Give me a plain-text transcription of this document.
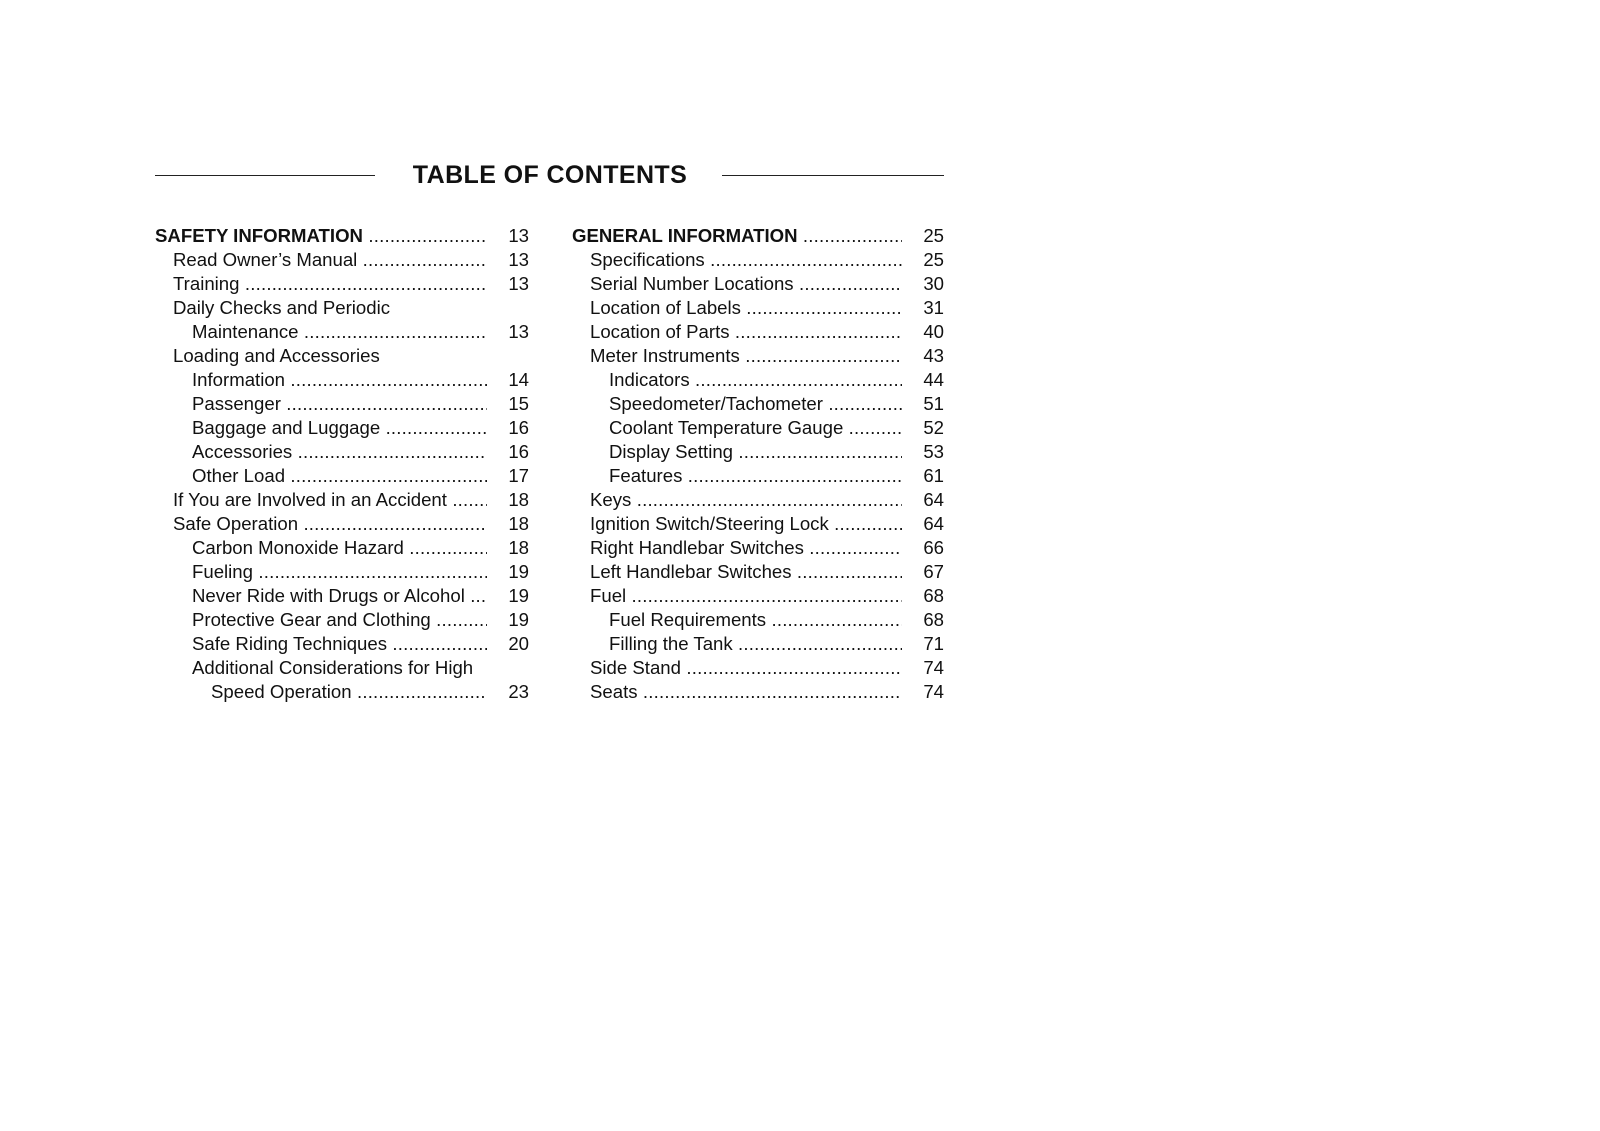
TABLE OF CONTENTS
SAFETY INFORMATION .....	13
Read Owner’s Manual .....	13
Training .....	13
Daily Checks and Periodic
Maintenance .....	13
Loading and Accessories
Information .....	14
Passenger .....	15
Baggage and Luggage .....	16
Accessories .....	16
Other Load .....	17
If You are Involved in an Accident .....	18
Safe Operation .....	18
Carbon Monoxide Hazard .....	18
Fueling .....	19
Never Ride with Drugs or Alcohol .....	19
Protective Gear and Clothing .....	19
Safe Riding Techniques .....	20
Additional Considerations for High
Speed Operation .....	23
GENERAL INFORMATION .....	25
Specifications .....	25
Serial Number Locations .....	30
Location of Labels .....	31
Location of Parts .....	40
Meter Instruments .....	43
Indicators .....	44
Speedometer/Tachometer .....	51
Coolant Temperature Gauge .....	52
Display Setting .....	53
Features .....	61
Keys .....	64
Ignition Switch/Steering Lock .....	64
Right Handlebar Switches .....	66
Left Handlebar Switches .....	67
Fuel .....	68
Fuel Requirements .....	68
Filling the Tank .....	71
Side Stand .....	74
Seats .....	74
